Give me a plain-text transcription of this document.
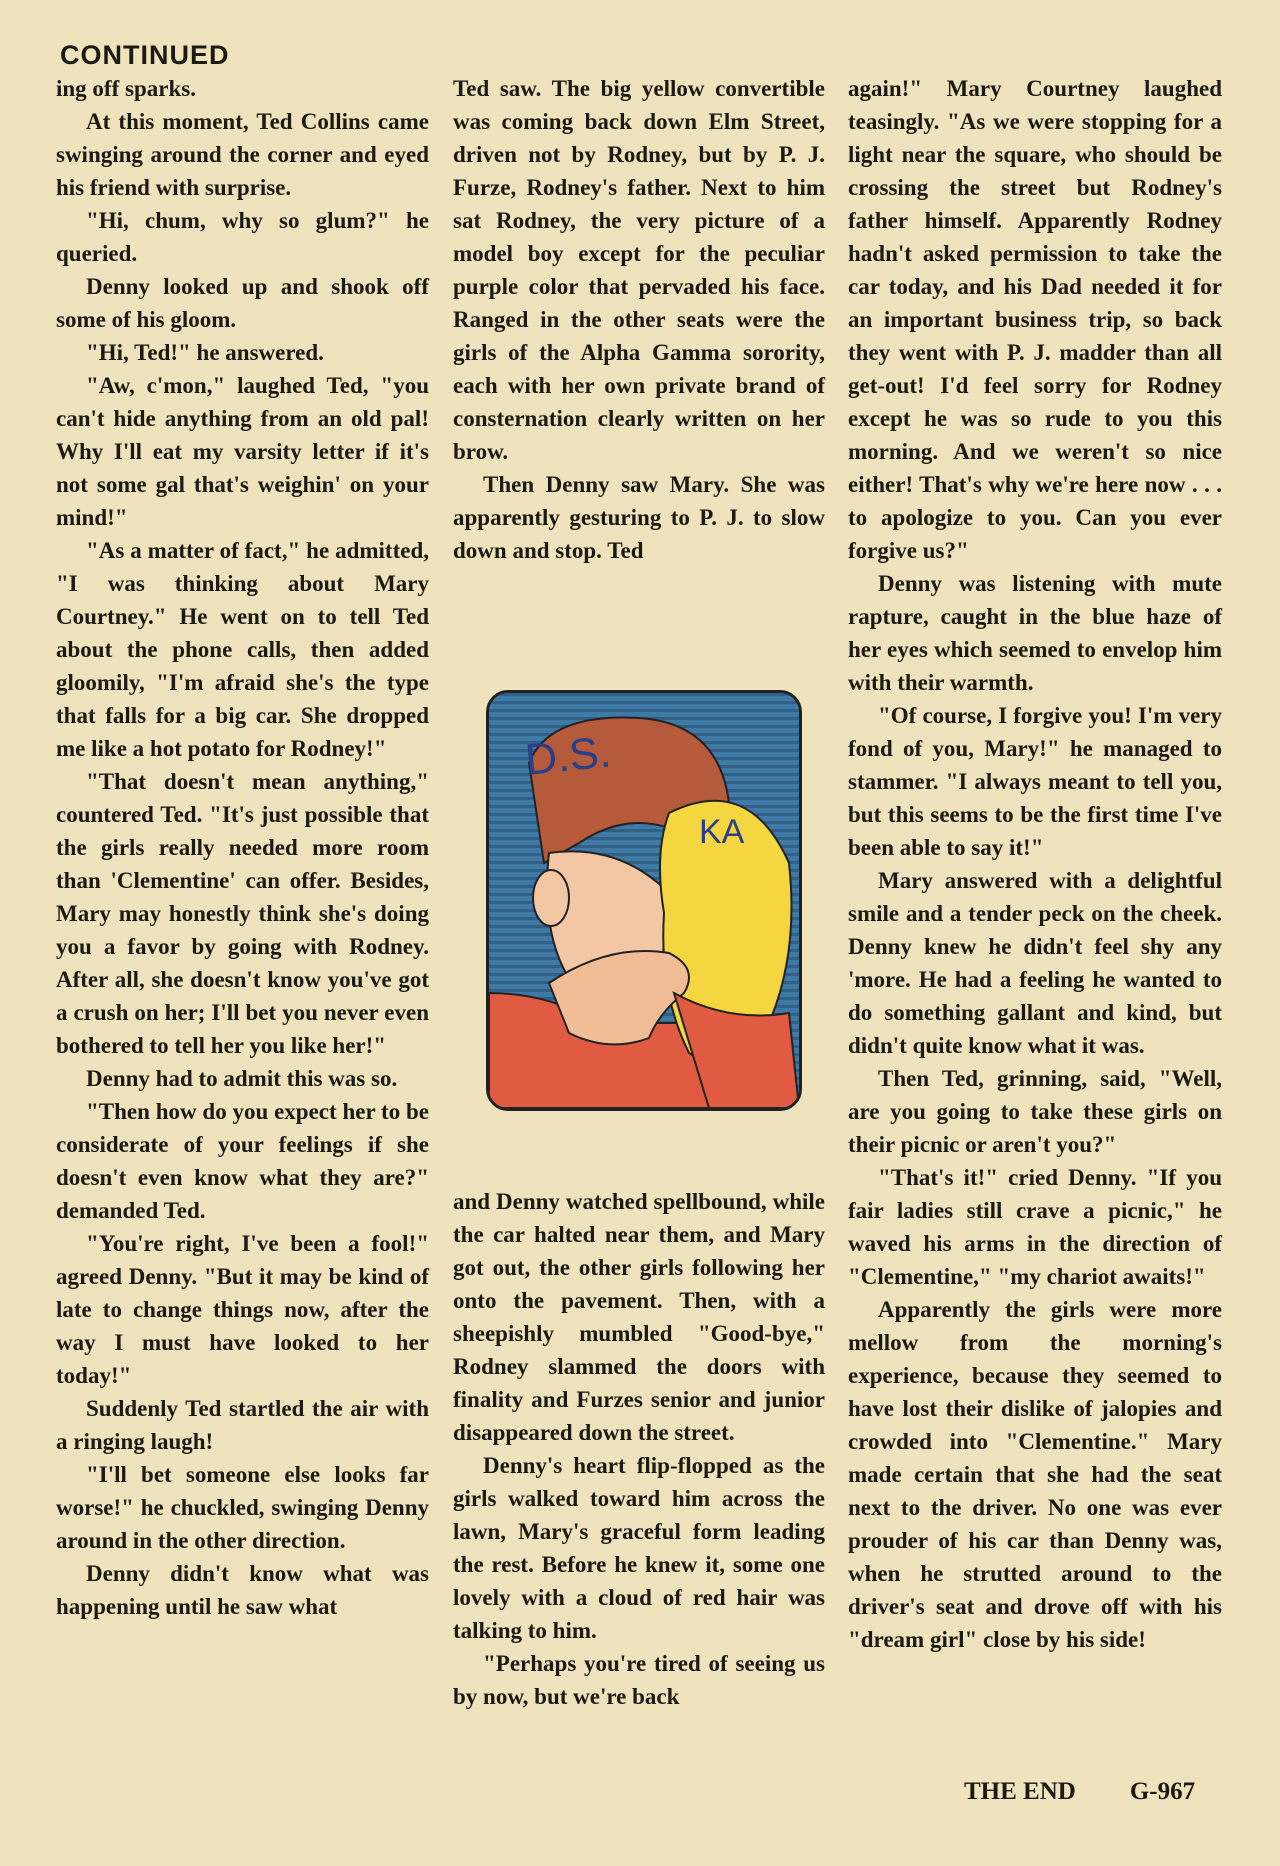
CONTINUED

ing off sparks.

At this moment, Ted Collins came swinging around the corner and eyed his friend with surprise.

"Hi, chum, why so glum?" he queried.

Denny looked up and shook off some of his gloom.

"Hi, Ted!" he answered.

"Aw, c'mon," laughed Ted, "you can't hide anything from an old pal! Why I'll eat my varsity letter if it's not some gal that's weighin' on your mind!"

"As a matter of fact," he admitted, "I was thinking about Mary Courtney." He went on to tell Ted about the phone calls, then added gloomily, "I'm afraid she's the type that falls for a big car. She dropped me like a hot potato for Rodney!"

"That doesn't mean anything," countered Ted. "It's just possible that the girls really needed more room than 'Clementine' can offer. Besides, Mary may honestly think she's doing you a favor by going with Rodney. After all, she doesn't know you've got a crush on her; I'll bet you never even bothered to tell her you like her!"

Denny had to admit this was so.

"Then how do you expect her to be considerate of your feelings if she doesn't even know what they are?" demanded Ted.

"You're right, I've been a fool!" agreed Denny. "But it may be kind of late to change things now, after the way I must have looked to her today!"

Suddenly Ted startled the air with a ringing laugh!

"I'll bet someone else looks far worse!" he chuckled, swinging Denny around in the other direction.

Denny didn't know what was happening until he saw what

Ted saw. The big yellow convertible was coming back down Elm Street, driven not by Rodney, but by P. J. Furze, Rodney's father. Next to him sat Rodney, the very picture of a model boy except for the peculiar purple color that pervaded his face. Ranged in the other seats were the girls of the Alpha Gamma sorority, each with her own private brand of consternation clearly written on her brow.

Then Denny saw Mary. She was apparently gesturing to P. J. to slow down and stop. Ted

D.S.
KA

and Denny watched spellbound, while the car halted near them, and Mary got out, the other girls following her onto the pavement. Then, with a sheepishly mumbled "Good-bye," Rodney slammed the doors with finality and Furzes senior and junior disappeared down the street.

Denny's heart flip-flopped as the girls walked toward him across the lawn, Mary's graceful form leading the rest. Before he knew it, some one lovely with a cloud of red hair was talking to him.

"Perhaps you're tired of seeing us by now, but we're back

again!" Mary Courtney laughed teasingly. "As we were stopping for a light near the square, who should be crossing the street but Rodney's father himself. Apparently Rodney hadn't asked permission to take the car today, and his Dad needed it for an important business trip, so back they went with P. J. madder than all get-out! I'd feel sorry for Rodney except he was so rude to you this morning. And we weren't so nice either! That's why we're here now . . . to apologize to you. Can you ever forgive us?"

Denny was listening with mute rapture, caught in the blue haze of her eyes which seemed to envelop him with their warmth.

"Of course, I forgive you! I'm very fond of you, Mary!" he managed to stammer. "I always meant to tell you, but this seems to be the first time I've been able to say it!"

Mary answered with a delightful smile and a tender peck on the cheek. Denny knew he didn't feel shy any 'more. He had a feeling he wanted to do something gallant and kind, but didn't quite know what it was.

Then Ted, grinning, said, "Well, are you going to take these girls on their picnic or aren't you?"

"That's it!" cried Denny. "If you fair ladies still crave a picnic," he waved his arms in the direction of "Clementine," "my chariot awaits!"

Apparently the girls were more mellow from the morning's experience, because they seemed to have lost their dislike of jalopies and crowded into "Clementine." Mary made certain that she had the seat next to the driver. No one was ever prouder of his car than Denny was, when he strutted around to the driver's seat and drove off with his "dream girl" close by his side!

THE END G-967
